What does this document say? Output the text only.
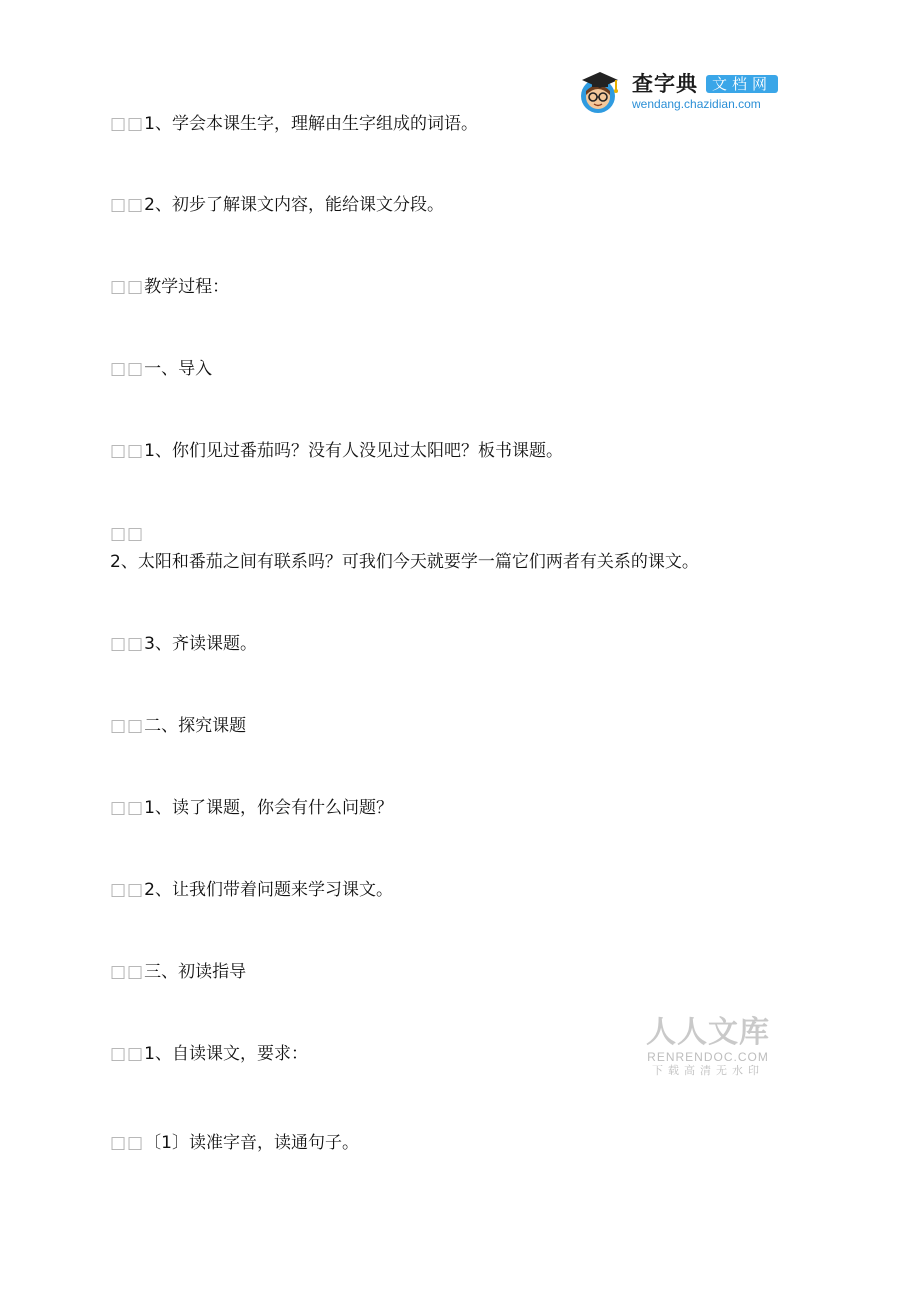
查字典 文档网
wendang.chazidian.com

□□1、学会本课生字，理解由生字组成的词语。

□□2、初步了解课文内容，能给课文分段。

□□教学过程：

□□一、导入

□□1、你们见过番茄吗？没有人没见过太阳吧？板书课题。

□□

2、太阳和番茄之间有联系吗？可我们今天就要学一篇它们两者有关系的课文。

□□3、齐读课题。

□□二、探究课题

□□1、读了课题，你会有什么问题？

□□2、让我们带着问题来学习课文。

□□三、初读指导

□□1、自读课文，要求：

□□〔1〕读准字音，读通句子。

人人文库
RENRENDOC.COM
下载高清无水印
